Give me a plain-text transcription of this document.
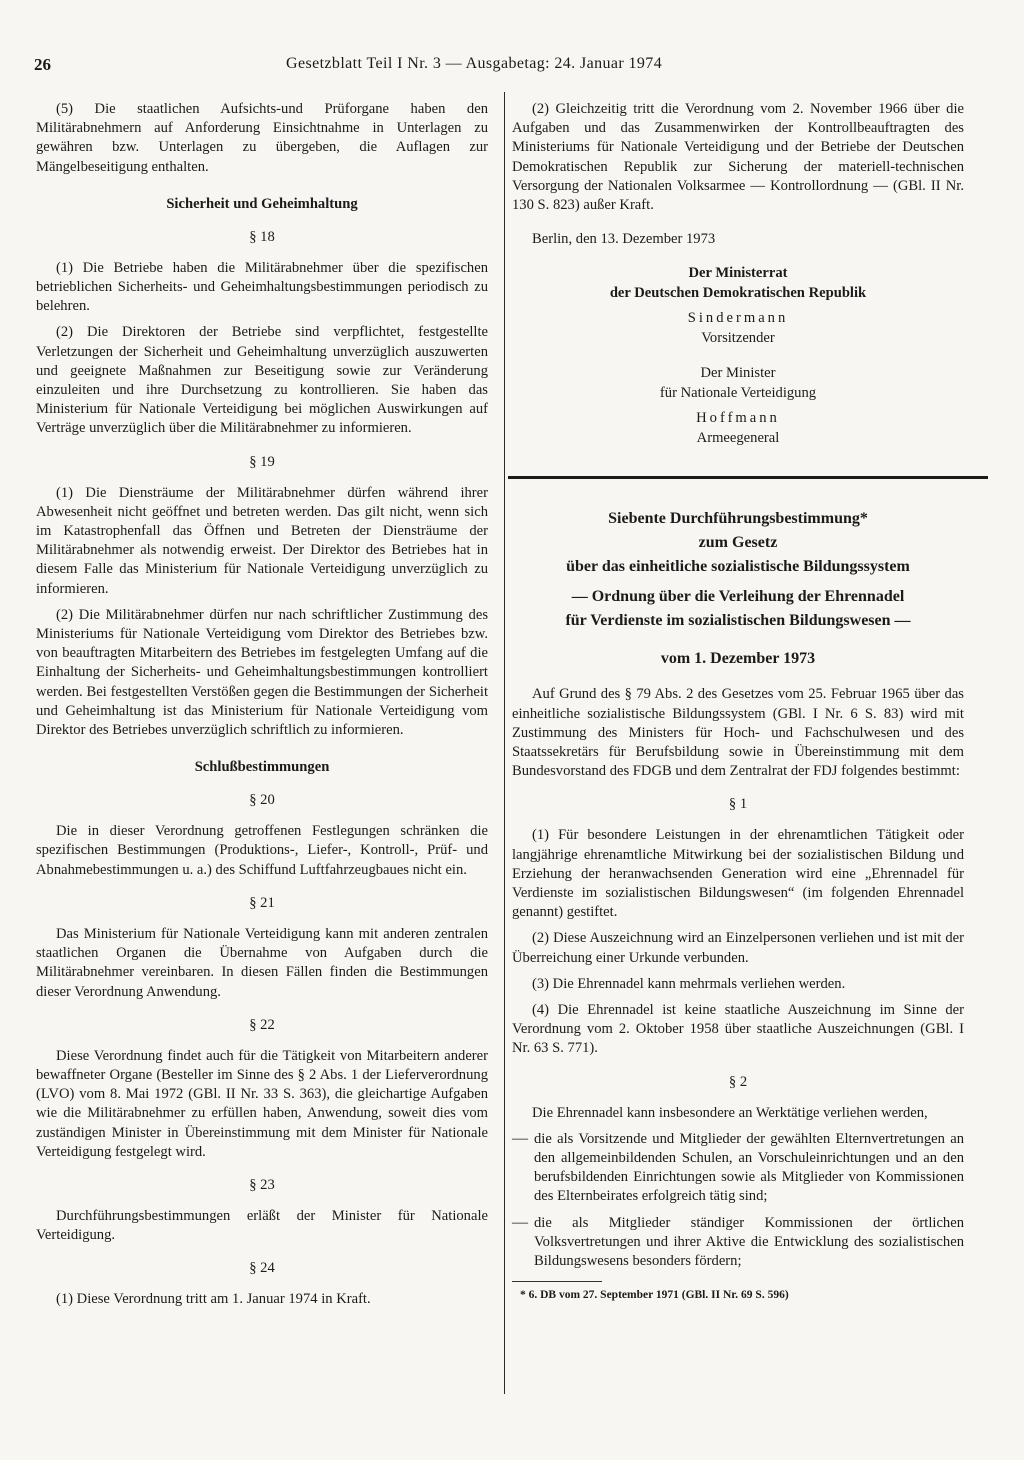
26	Gesetzblatt Teil I Nr. 3 — Ausgabetag: 24. Januar 1974

(5) Die staatlichen Aufsichts-und Prüforgane haben den Militärabnehmern auf Anforderung Einsichtnahme in Unterlagen zu gewähren bzw. Unterlagen zu übergeben, die Auflagen zur Mängelbeseitigung enthalten.

Sicherheit und Geheimhaltung
§ 18

(1) Die Betriebe haben die Militärabnehmer über die spezifischen betrieblichen Sicherheits- und Geheimhaltungsbestimmungen periodisch zu belehren.

(2) Die Direktoren der Betriebe sind verpflichtet, festgestellte Verletzungen der Sicherheit und Geheimhaltung unverzüglich auszuwerten und geeignete Maßnahmen zur Beseitigung sowie zur Veränderung einzuleiten und ihre Durchsetzung zu kontrollieren. Sie haben das Ministerium für Nationale Verteidigung bei möglichen Auswirkungen auf Verträge unverzüglich über die Militärabnehmer zu informieren.

§ 19

(1) Die Diensträume der Militärabnehmer dürfen während ihrer Abwesenheit nicht geöffnet und betreten werden. Das gilt nicht, wenn sich im Katastrophenfall das Öffnen und Betreten der Diensträume der Militärabnehmer als notwendig erweist. Der Direktor des Betriebes hat in diesem Falle das Ministerium für Nationale Verteidigung unverzüglich zu informieren.

(2) Die Militärabnehmer dürfen nur nach schriftlicher Zustimmung des Ministeriums für Nationale Verteidigung vom Direktor des Betriebes bzw. von beauftragten Mitarbeitern des Betriebes im festgelegten Umfang auf die Einhaltung der Sicherheits- und Geheimhaltungsbestimmungen kontrolliert werden. Bei festgestellten Verstößen gegen die Bestimmungen der Sicherheit und Geheimhaltung ist das Ministerium für Nationale Verteidigung vom Direktor des Betriebes unverzüglich schriftlich zu informieren.

Schlußbestimmungen
§ 20

Die in dieser Verordnung getroffenen Festlegungen schränken die spezifischen Bestimmungen (Produktions-, Liefer-, Kontroll-, Prüf- und Abnahmebestimmungen u. a.) des Schiffund Luftfahrzeugbaues nicht ein.

§ 21

Das Ministerium für Nationale Verteidigung kann mit anderen zentralen staatlichen Organen die Übernahme von Aufgaben durch die Militärabnehmer vereinbaren. In diesen Fällen finden die Bestimmungen dieser Verordnung Anwendung.

§ 22

Diese Verordnung findet auch für die Tätigkeit von Mitarbeitern anderer bewaffneter Organe (Besteller im Sinne des § 2 Abs. 1 der Lieferverordnung (LVO) vom 8. Mai 1972 (GBl. II Nr. 33 S. 363), die gleichartige Aufgaben wie die Militärabnehmer zu erfüllen haben, Anwendung, soweit dies vom zuständigen Minister in Übereinstimmung mit dem Minister für Nationale Verteidigung festgelegt wird.

§ 23

Durchführungsbestimmungen erläßt der Minister für Nationale Verteidigung.

§ 24

(1) Diese Verordnung tritt am 1. Januar 1974 in Kraft.

(2) Gleichzeitig tritt die Verordnung vom 2. November 1966 über die Aufgaben und das Zusammenwirken der Kontrollbeauftragten des Ministeriums für Nationale Verteidigung und der Betriebe der Deutschen Demokratischen Republik zur Sicherung der materiell-technischen Versorgung der Nationalen Volksarmee — Kontrollordnung — (GBl. II Nr. 130 S. 823) außer Kraft.

Berlin, den 13. Dezember 1973

Der Ministerrat
der Deutschen Demokratischen Republik
Sindermann
Vorsitzender
Der Minister
für Nationale Verteidigung
Hoffmann
Armeegeneral
Siebente Durchführungsbestimmung*
zum Gesetz
über das einheitliche sozialistische Bildungssystem
— Ordnung über die Verleihung der Ehrennadel
für Verdienste im sozialistischen Bildungswesen —
vom 1. Dezember 1973

Auf Grund des § 79 Abs. 2 des Gesetzes vom 25. Februar 1965 über das einheitliche sozialistische Bildungssystem (GBl. I Nr. 6 S. 83) wird mit Zustimmung des Ministers für Hoch- und Fachschulwesen und des Staatssekretärs für Berufsbildung sowie in Übereinstimmung mit dem Bundesvorstand des FDGB und dem Zentralrat der FDJ folgendes bestimmt:

§ 1

(1) Für besondere Leistungen in der ehrenamtlichen Tätigkeit oder langjährige ehrenamtliche Mitwirkung bei der sozialistischen Bildung und Erziehung der heranwachsenden Generation wird eine „Ehrennadel für Verdienste im sozialistischen Bildungswesen“ (im folgenden Ehrennadel genannt) gestiftet.

(2) Diese Auszeichnung wird an Einzelpersonen verliehen und ist mit der Überreichung einer Urkunde verbunden.

(3) Die Ehrennadel kann mehrmals verliehen werden.

(4) Die Ehrennadel ist keine staatliche Auszeichnung im Sinne der Verordnung vom 2. Oktober 1958 über staatliche Auszeichnungen (GBl. I Nr. 63 S. 771).

§ 2

Die Ehrennadel kann insbesondere an Werktätige verliehen werden,

— die als Vorsitzende und Mitglieder der gewählten Elternvertretungen an den allgemeinbildenden Schulen, an Vorschuleinrichtungen und an den berufsbildenden Einrichtungen sowie als Mitglieder von Kommissionen des Elternbeirates erfolgreich tätig sind;

— die als Mitglieder ständiger Kommissionen der örtlichen Volksvertretungen und ihrer Aktive die Entwicklung des sozialistischen Bildungswesens besonders fördern;

* 6. DB vom 27. September 1971 (GBl. II Nr. 69 S. 596)
